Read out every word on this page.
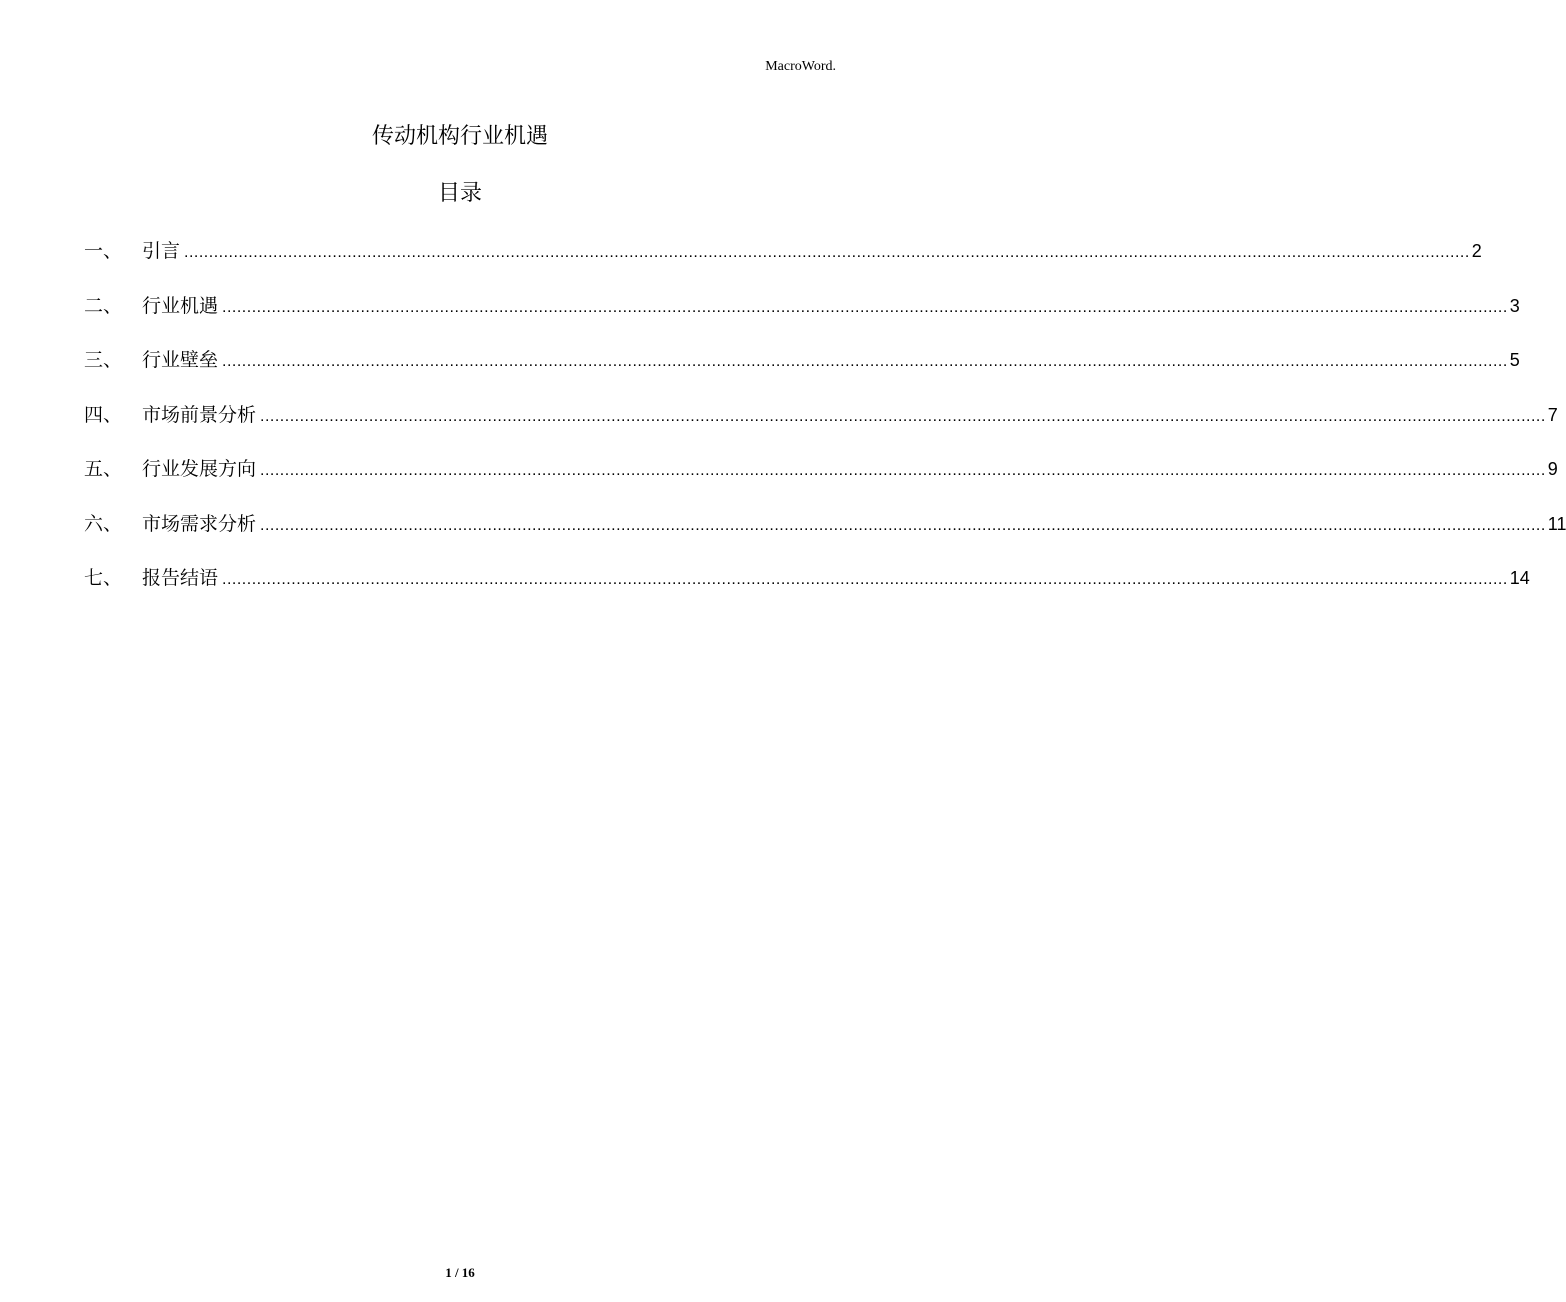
MacroWord.
传动机构行业机遇
目录
一、	引言 .................................................................................................................................................................................................................................................................... 2
二、	行业机遇 .................................................................................................................................................................................................................................................................... 3
三、	行业壁垒 .................................................................................................................................................................................................................................................................... 5
四、	市场前景分析 .................................................................................................................................................................................................................................................................... 7
五、	行业发展方向 .................................................................................................................................................................................................................................................................... 9
六、	市场需求分析 .................................................................................................................................................................................................................................................................... 11
七、	报告结语 .................................................................................................................................................................................................................................................................... 14
1 / 16
